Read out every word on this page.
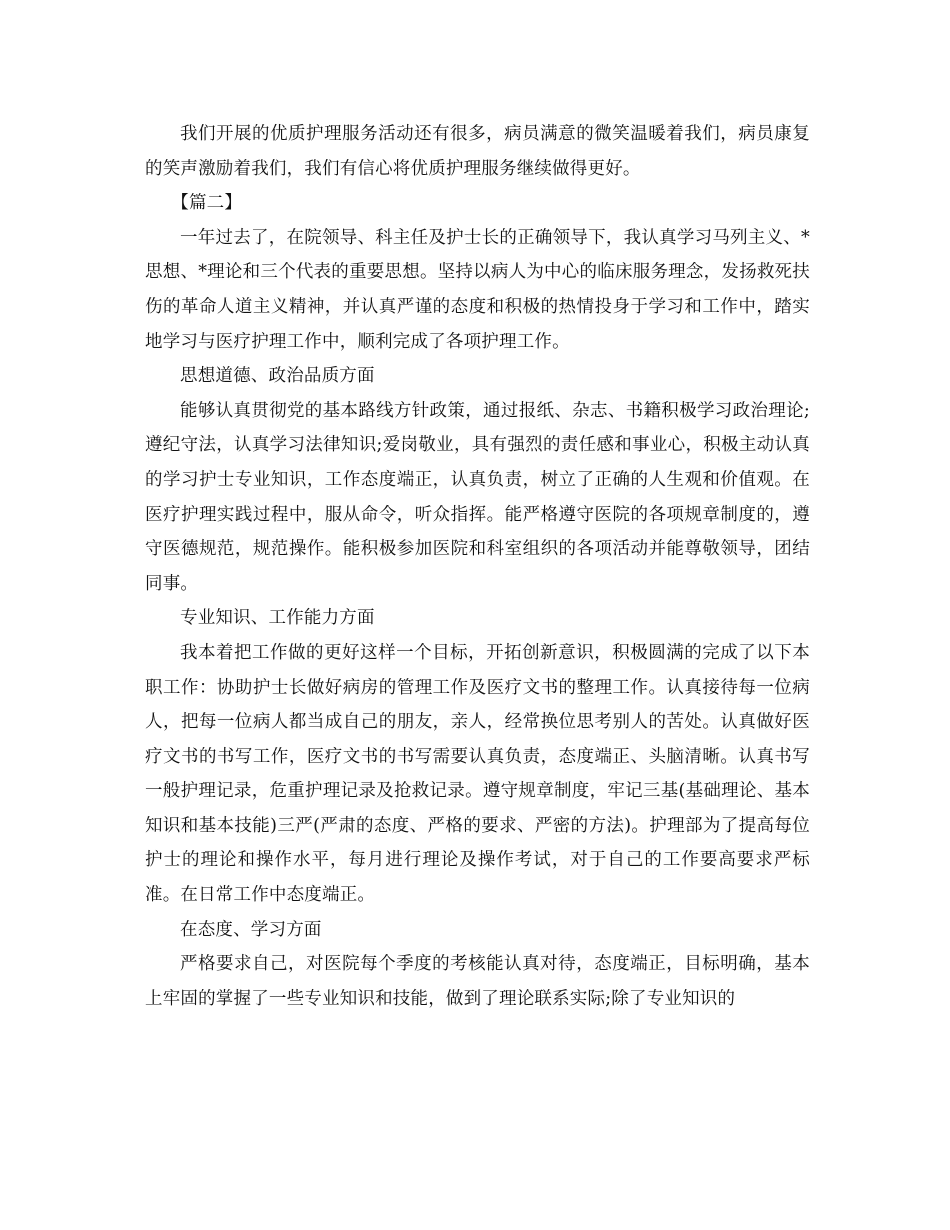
我们开展的优质护理服务活动还有很多，病员满意的微笑温暖着我们，病员康复的笑声激励着我们，我们有信心将优质护理服务继续做得更好。

【篇二】

一年过去了，在院领导、科主任及护士长的正确领导下，我认真学习马列主义、*思想、*理论和三个代表的重要思想。坚持以病人为中心的临床服务理念，发扬救死扶伤的革命人道主义精神，并认真严谨的态度和积极的热情投身于学习和工作中，踏实地学习与医疗护理工作中，顺利完成了各项护理工作。

思想道德、政治品质方面

能够认真贯彻党的基本路线方针政策，通过报纸、杂志、书籍积极学习政治理论;遵纪守法，认真学习法律知识;爱岗敬业，具有强烈的责任感和事业心，积极主动认真的学习护士专业知识，工作态度端正，认真负责，树立了正确的人生观和价值观。在医疗护理实践过程中，服从命令，听众指挥。能严格遵守医院的各项规章制度的，遵守医德规范，规范操作。能积极参加医院和科室组织的各项活动并能尊敬领导，团结同事。

专业知识、工作能力方面

我本着把工作做的更好这样一个目标，开拓创新意识，积极圆满的完成了以下本职工作：协助护士长做好病房的管理工作及医疗文书的整理工作。认真接待每一位病人，把每一位病人都当成自己的朋友，亲人，经常换位思考别人的苦处。认真做好医疗文书的书写工作，医疗文书的书写需要认真负责，态度端正、头脑清晰。认真书写一般护理记录，危重护理记录及抢救记录。遵守规章制度，牢记三基(基础理论、基本知识和基本技能)三严(严肃的态度、严格的要求、严密的方法)。护理部为了提高每位护士的理论和操作水平，每月进行理论及操作考试，对于自己的工作要高要求严标准。在日常工作中态度端正。

在态度、学习方面

严格要求自己，对医院每个季度的考核能认真对待，态度端正，目标明确，基本上牢固的掌握了一些专业知识和技能，做到了理论联系实际;除了专业知识的
